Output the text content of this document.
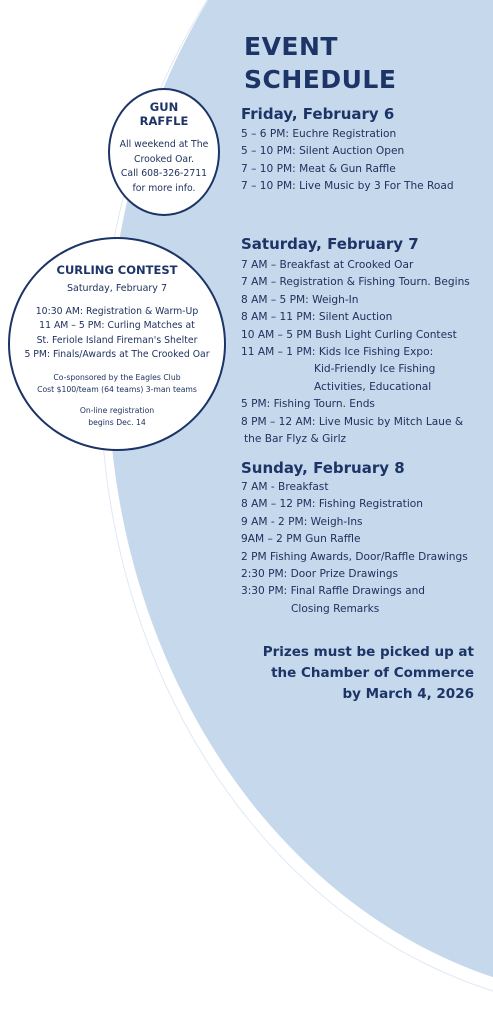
EVENT
SCHEDULE
Friday, February 6
5 – 6 PM: Euchre Registration
5 – 10 PM: Silent Auction Open
7 – 10 PM: Meat & Gun Raffle
7 – 10 PM: Live Music by 3 For The Road
Saturday, February 7
7 AM – Breakfast at Crooked Oar
7 AM – Registration & Fishing Tourn. Begins
8 AM – 5 PM: Weigh-In
8 AM – 11 PM: Silent Auction
10 AM – 5 PM Bush Light Curling Contest
11 AM – 1 PM: Kids Ice Fishing Expo:
Kid-Friendly Ice Fishing
Activities, Educational
5 PM: Fishing Tourn. Ends
8 PM – 12 AM: Live Music by Mitch Laue &
the Bar Flyz & Girlz
Sunday, February 8
7 AM - Breakfast
8 AM – 12 PM: Fishing Registration
9 AM - 2 PM: Weigh-Ins
9AM – 2 PM Gun Raffle
2 PM Fishing Awards, Door/Raffle Drawings
2:30 PM: Door Prize Drawings
3:30 PM: Final Raffle Drawings and
Closing Remarks
GUN
RAFFLE
All weekend at The
Crooked Oar.
Call 608-326-2711
for more info.
CURLING CONTEST
Saturday, February 7
10:30 AM: Registration & Warm-Up
11 AM – 5 PM: Curling Matches at
St. Feriole Island Fireman's Shelter
5 PM: Finals/Awards at The Crooked Oar
Co-sponsored by the Eagles Club
Cost $100/team (64 teams) 3-man teams
On-line registration
begins Dec. 14
Prizes must be picked up at
the Chamber of Commerce
by March 4, 2026
